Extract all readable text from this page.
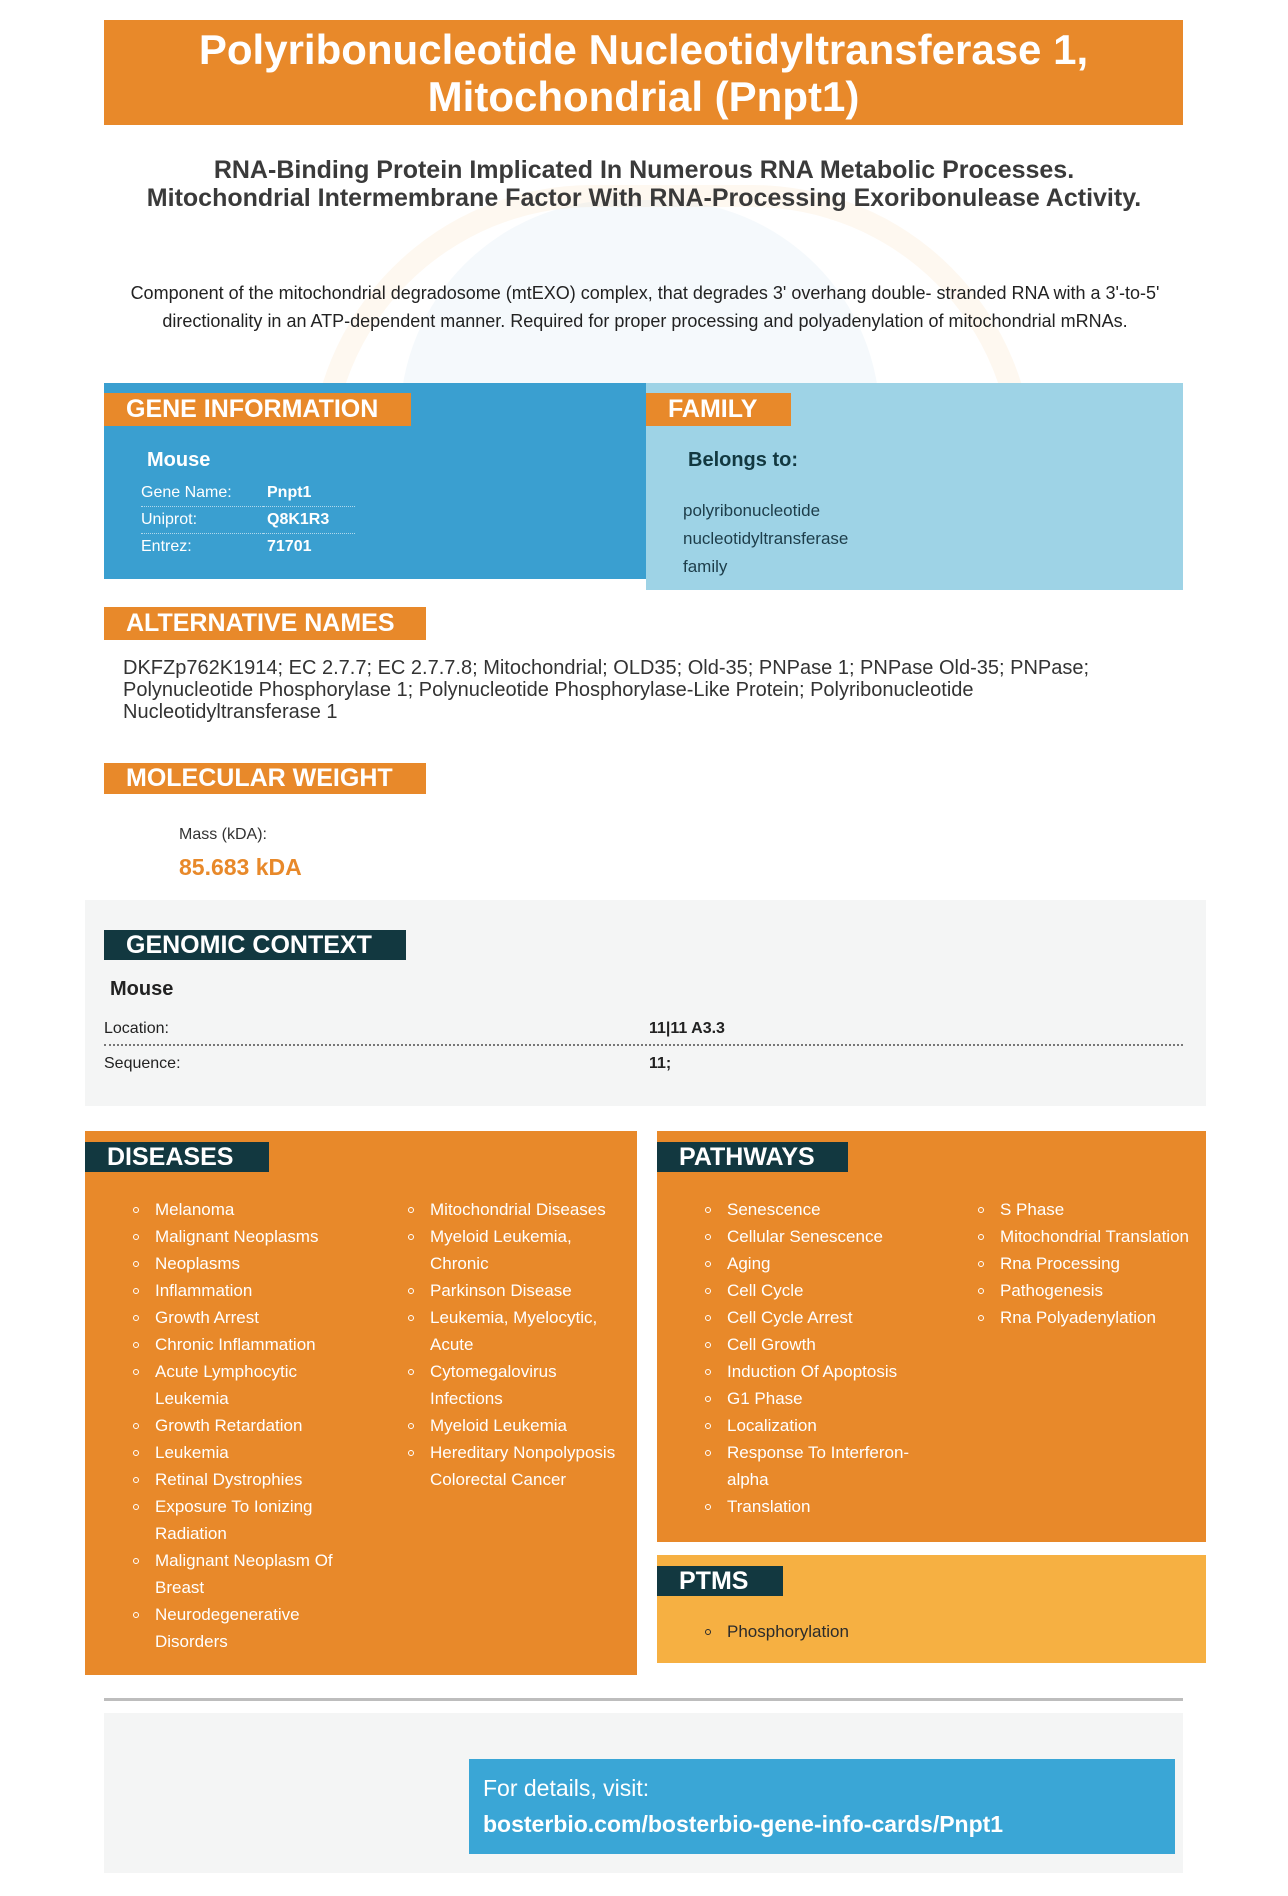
Polyribonucleotide Nucleotidyltransferase 1, Mitochondrial (Pnpt1)
RNA-Binding Protein Implicated In Numerous RNA Metabolic Processes. Mitochondrial Intermembrane Factor With RNA-Processing Exoribonulease Activity.
Component of the mitochondrial degradosome (mtEXO) complex, that degrades 3' overhang double- stranded RNA with a 3'-to-5' directionality in an ATP-dependent manner. Required for proper processing and polyadenylation of mitochondrial mRNAs.
GENE INFORMATION
Mouse
Gene Name:	Pnpt1
Uniprot:	Q8K1R3
Entrez:	71701
FAMILY
Belongs to:
polyribonucleotide nucleotidyltransferase family
ALTERNATIVE NAMES
DKFZp762K1914; EC 2.7.7; EC 2.7.7.8; Mitochondrial; OLD35; Old-35; PNPase 1; PNPase Old-35; PNPase; Polynucleotide Phosphorylase 1; Polynucleotide Phosphorylase-Like Protein; Polyribonucleotide Nucleotidyltransferase 1
MOLECULAR WEIGHT
Mass (kDA):
85.683 kDA
GENOMIC CONTEXT
Mouse
Location:	11|11 A3.3
Sequence:	11;
DISEASES
Melanoma
Malignant Neoplasms
Neoplasms
Inflammation
Growth Arrest
Chronic Inflammation
Acute Lymphocytic Leukemia
Growth Retardation
Leukemia
Retinal Dystrophies
Exposure To Ionizing Radiation
Malignant Neoplasm Of Breast
Neurodegenerative Disorders
Mitochondrial Diseases
Myeloid Leukemia, Chronic
Parkinson Disease
Leukemia, Myelocytic, Acute
Cytomegalovirus Infections
Myeloid Leukemia
Hereditary Nonpolyposis Colorectal Cancer
PATHWAYS
Senescence
Cellular Senescence
Aging
Cell Cycle
Cell Cycle Arrest
Cell Growth
Induction Of Apoptosis
G1 Phase
Localization
Response To Interferon-alpha
Translation
S Phase
Mitochondrial Translation
Rna Processing
Pathogenesis
Rna Polyadenylation
PTMS
Phosphorylation
For details, visit:
bosterbio.com/bosterbio-gene-info-cards/Pnpt1
